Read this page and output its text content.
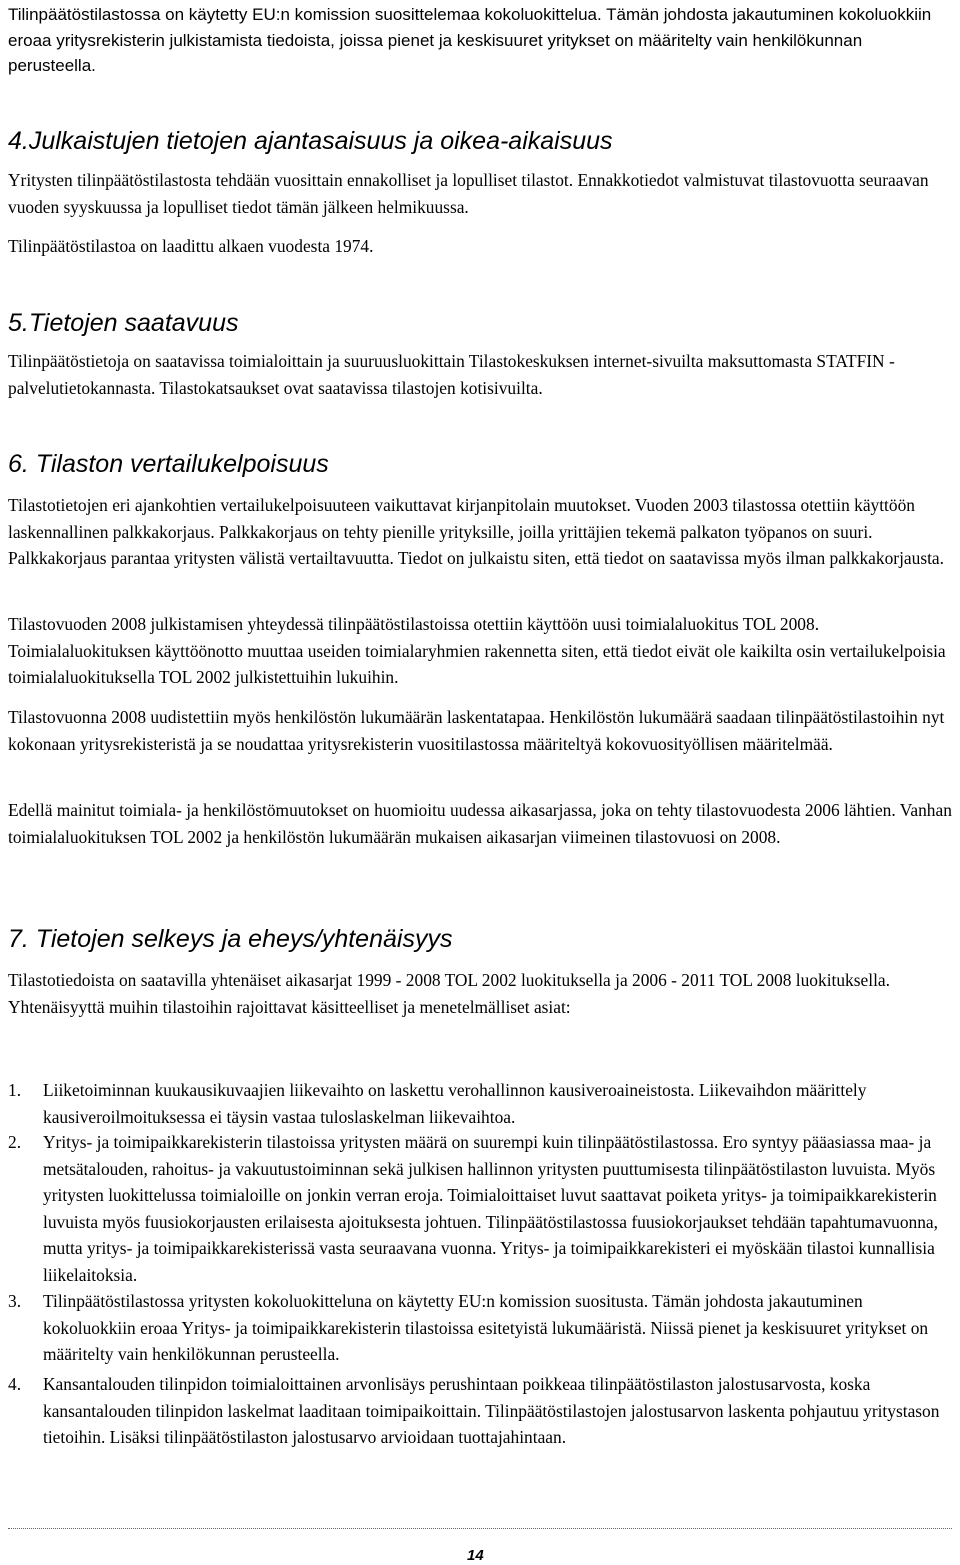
Tilinpäätöstilastossa on käytetty EU:n komission suosittelemaa kokoluokittelua. Tämän johdosta jakautuminen kokoluokkiin eroaa yritysrekisterin julkistamista tiedoista, joissa pienet ja keskisuuret yritykset on määritelty vain henkilökunnan perusteella.

4.Julkaistujen tietojen ajantasaisuus ja oikea-aikaisuus

Yritysten tilinpäätöstilastosta tehdään vuosittain ennakolliset ja lopulliset tilastot. Ennakkotiedot valmistuvat tilastovuotta seuraavan vuoden syyskuussa ja lopulliset tiedot tämän jälkeen helmikuussa.

Tilinpäätöstilastoa on laadittu alkaen vuodesta 1974.

5.Tietojen saatavuus

Tilinpäätöstietoja on saatavissa toimialoittain ja suuruusluokittain Tilastokeskuksen internet-sivuilta maksuttomasta STATFIN -palvelutietokannasta. Tilastokatsaukset ovat saatavissa tilastojen kotisivuilta.

6. Tilaston vertailukelpoisuus

Tilastotietojen eri ajankohtien vertailukelpoisuuteen vaikuttavat kirjanpitolain muutokset. Vuoden 2003 tilastossa otettiin käyttöön laskennallinen palkkakorjaus. Palkkakorjaus on tehty pienille yrityksille, joilla yrittäjien tekemä palkaton työpanos on suuri. Palkkakorjaus parantaa yritysten välistä vertailtavuutta. Tiedot on julkaistu siten, että tiedot on saatavissa myös ilman palkkakorjausta.

Tilastovuoden 2008 julkistamisen yhteydessä tilinpäätöstilastoissa otettiin käyttöön uusi toimialaluokitus TOL 2008. Toimialaluokituksen käyttöönotto muuttaa useiden toimialaryhmien rakennetta siten, että tiedot eivät ole kaikilta osin vertailukelpoisia toimialaluokituksella TOL 2002 julkistettuihin lukuihin.

Tilastovuonna 2008 uudistettiin myös henkilöstön lukumäärän laskentatapaa. Henkilöstön lukumäärä saadaan tilinpäätöstilastoihin nyt kokonaan yritysrekisteristä ja se noudattaa yritysrekisterin vuositilastossa määriteltyä kokovuosityöllisen määritelmää.

Edellä mainitut toimiala- ja henkilöstömuutokset on huomioitu uudessa aikasarjassa, joka on tehty tilastovuodesta 2006 lähtien. Vanhan toimialaluokituksen TOL 2002 ja henkilöstön lukumäärän mukaisen aikasarjan viimeinen tilastovuosi on 2008.

7. Tietojen selkeys ja eheys/yhtenäisyys

Tilastotiedoista on saatavilla yhtenäiset aikasarjat 1999 - 2008 TOL 2002 luokituksella ja 2006 - 2011 TOL 2008 luokituksella. Yhtenäisyyttä muihin tilastoihin rajoittavat käsitteelliset ja menetelmälliset asiat:

1. Liiketoiminnan kuukausikuvaajien liikevaihto on laskettu verohallinnon kausiveroaineistosta. Liikevaihdon määrittely kausiveroilmoituksessa ei täysin vastaa tuloslaskelman liikevaihtoa.

2. Yritys- ja toimipaikkarekisterin tilastoissa yritysten määrä on suurempi kuin tilinpäätöstilastossa. Ero syntyy pääasiassa maa- ja metsätalouden, rahoitus- ja vakuutustoiminnan sekä julkisen hallinnon yritysten puuttumisesta tilinpäätöstilaston luvuista. Myös yritysten luokittelussa toimialoille on jonkin verran eroja. Toimialoittaiset luvut saattavat poiketa yritys- ja toimipaikkarekisterin luvuista myös fuusiokorjausten erilaisesta ajoituksesta johtuen. Tilinpäätöstilastossa fuusiokorjaukset tehdään tapahtumavuonna, mutta yritys- ja toimipaikkarekisterissä vasta seuraavana vuonna. Yritys- ja toimipaikkarekisteri ei myöskään tilastoi kunnallisia liikelaitoksia.

3. Tilinpäätöstilastossa yritysten kokoluokitteluna on käytetty EU:n komission suositusta. Tämän johdosta jakautuminen kokoluokkiin eroaa Yritys- ja toimipaikkarekisterin tilastoissa esitetyistä lukumääristä. Niissä pienet ja keskisuuret yritykset on määritelty vain henkilökunnan perusteella.

4. Kansantalouden tilinpidon toimialoittainen arvonlisäys perushintaan poikkeaa tilinpäätöstilaston jalostusarvosta, koska kansantalouden tilinpidon laskelmat laaditaan toimipaikoittain. Tilinpäätöstilastojen jalostusarvon laskenta pohjautuu yritystason tietoihin. Lisäksi tilinpäätöstilaston jalostusarvo arvioidaan tuottajahintaan.

14
